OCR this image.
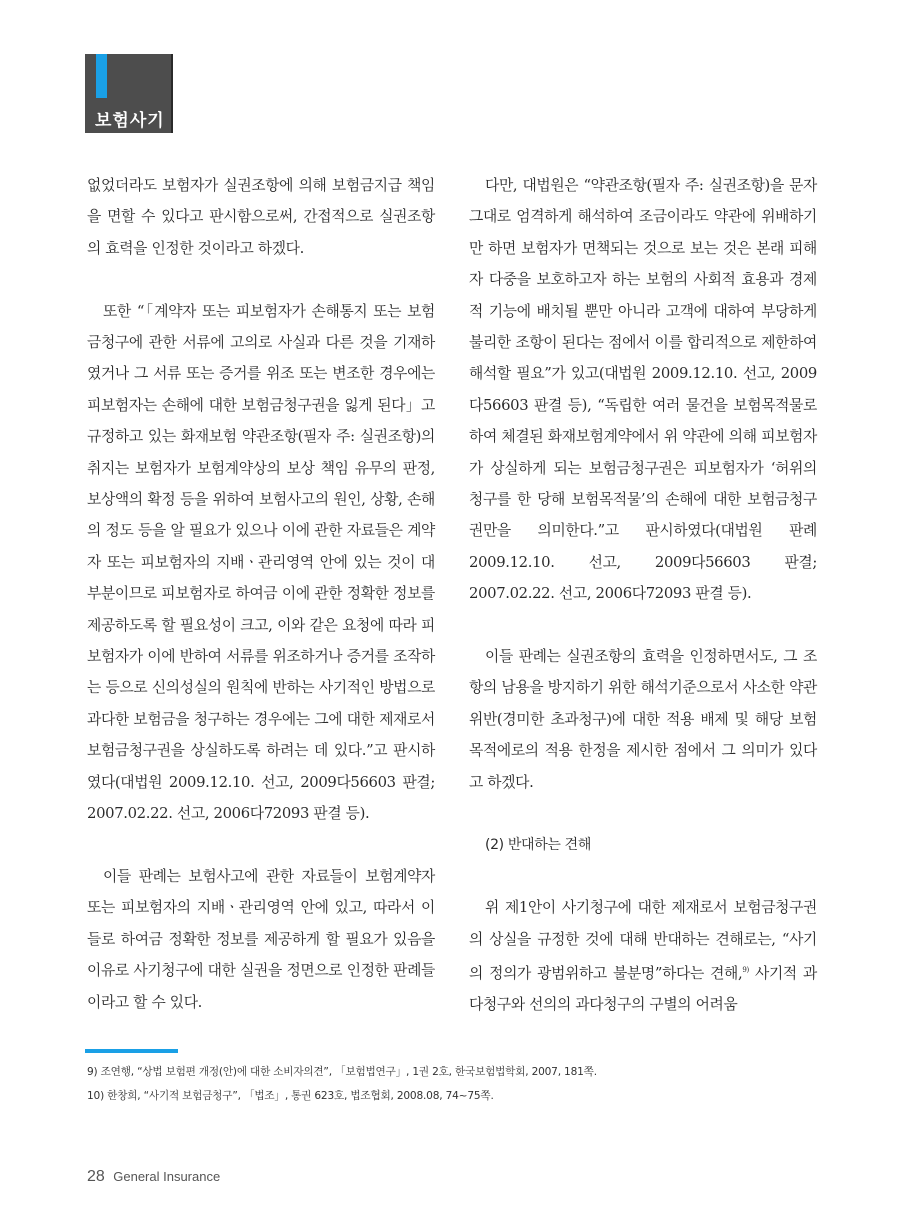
보험사기

없었더라도 보험자가 실권조항에 의해 보험금지급 책임을 면할 수 있다고 판시함으로써, 간접적으로 실권조항의 효력을 인정한 것이라고 하겠다.

또한 “「계약자 또는 피보험자가 손해통지 또는 보험금청구에 관한 서류에 고의로 사실과 다른 것을 기재하였거나 그 서류 또는 증거를 위조 또는 변조한 경우에는 피보험자는 손해에 대한 보험금청구권을 잃게 된다」고 규정하고 있는 화재보험 약관조항(필자 주: 실권조항)의 취지는 보험자가 보험계약상의 보상 책임 유무의 판정, 보상액의 확정 등을 위하여 보험사고의 원인, 상황, 손해의 정도 등을 알 필요가 있으나 이에 관한 자료들은 계약자 또는 피보험자의 지배ㆍ관리영역 안에 있는 것이 대부분이므로 피보험자로 하여금 이에 관한 정확한 정보를 제공하도록 할 필요성이 크고, 이와 같은 요청에 따라 피보험자가 이에 반하여 서류를 위조하거나 증거를 조작하는 등으로 신의성실의 원칙에 반하는 사기적인 방법으로 과다한 보험금을 청구하는 경우에는 그에 대한 제재로서 보험금청구권을 상실하도록 하려는 데 있다.”고 판시하였다(대법원 2009.12.10. 선고, 2009다56603 판결; 2007.02.22. 선고, 2006다72093 판결 등).

이들 판례는 보험사고에 관한 자료들이 보험계약자 또는 피보험자의 지배ㆍ관리영역 안에 있고, 따라서 이들로 하여금 정확한 정보를 제공하게 할 필요가 있음을 이유로 사기청구에 대한 실권을 정면으로 인정한 판례들이라고 할 수 있다.

다만, 대법원은 “약관조항(필자 주: 실권조항)을 문자 그대로 엄격하게 해석하여 조금이라도 약관에 위배하기만 하면 보험자가 면책되는 것으로 보는 것은 본래 피해자 다중을 보호하고자 하는 보험의 사회적 효용과 경제적 기능에 배치될 뿐만 아니라 고객에 대하여 부당하게 불리한 조항이 된다는 점에서 이를 합리적으로 제한하여 해석할 필요”가 있고(대법원 2009.12.10. 선고, 2009다56603 판결 등), “독립한 여러 물건을 보험목적물로 하여 체결된 화재보험계약에서 위 약관에 의해 피보험자가 상실하게 되는 보험금청구권은 피보험자가 ‘허위의 청구를 한 당해 보험목적물’의 손해에 대한 보험금청구권만을 의미한다.”고 판시하였다(대법원 판례 2009.12.10. 선고, 2009다56603 판결; 2007.02.22. 선고, 2006다72093 판결 등).

이들 판례는 실권조항의 효력을 인정하면서도, 그 조항의 남용을 방지하기 위한 해석기준으로서 사소한 약관위반(경미한 초과청구)에 대한 적용 배제 및 해당 보험목적에로의 적용 한정을 제시한 점에서 그 의미가 있다고 하겠다.

(2) 반대하는 견해

위 제1안이 사기청구에 대한 제재로서 보험금청구권의 상실을 규정한 것에 대해 반대하는 견해로는, “사기의 정의가 광범위하고 불분명”하다는 견해,$^{9)}$ 사기적 과다청구와 선의의 과다청구의 구별의 어려움

9) 조연행, “상법 보험편 개정(안)에 대한 소비자의견”, 「보험법연구」, 1권 2호, 한국보험법학회, 2007, 181쪽.
10) 한창희, “사기적 보험금청구”, 「법조」, 통권 623호, 법조협회, 2008.08, 74~75쪽.
28 General Insurance
